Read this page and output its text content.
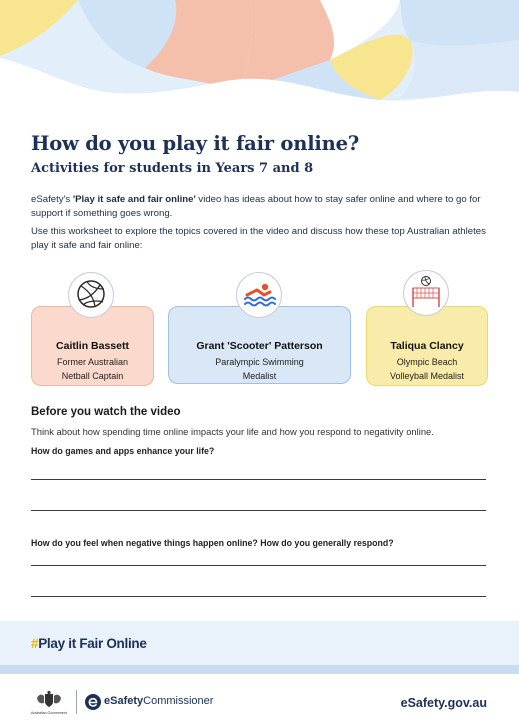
How do you play it fair online?
Activities for students in Years 7 and 8

eSafety's 'Play it safe and fair online' video has ideas about how to stay safer online and where to go for support if something goes wrong.

Use this worksheet to explore the topics covered in the video and discuss how these top Australian athletes play it safe and fair online:

Caitlin Bassett
Former Australian
Netball Captain
Grant 'Scooter' Patterson
Paralympic Swimming
Medalist
Taliqua Clancy
Olympic Beach
Volleyball Medalist
Before you watch the video

Think about how spending time online impacts your life and how you respond to negativity online.

How do games and apps enhance your life?

How do you feel when negative things happen online? How do you generally respond?

#Play it Fair Online
Australian Government
eSafetyCommissioner	eSafety.gov.au
